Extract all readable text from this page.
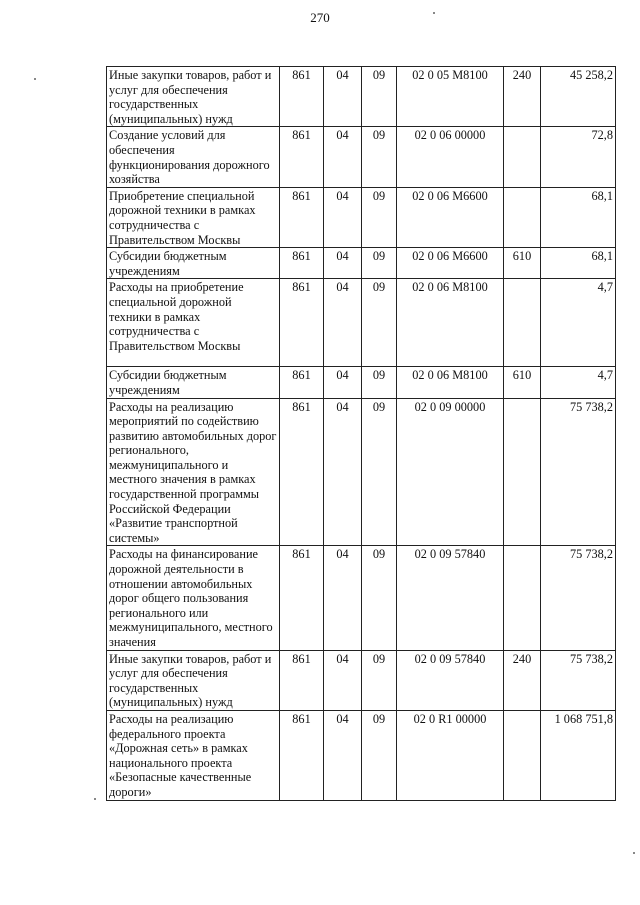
270
Иные закупки товаров, работ и услуг для обеспечения государственных (муниципальных) нужд	861	04	09	02 0 05 M8100	240	45 258,2
Создание условий для обеспечения функционирования дорожного хозяйства	861	04	09	02 0 06 00000		72,8
Приобретение специальной дорожной техники в рамках сотрудничества с Правительством Москвы	861	04	09	02 0 06 M6600		68,1
Субсидии бюджетным учреждениям	861	04	09	02 0 06 M6600	610	68,1
Расходы на приобретение специальной дорожной техники в рамках сотрудничества с Правительством Москвы	861	04	09	02 0 06 M8100		4,7
Субсидии бюджетным учреждениям	861	04	09	02 0 06 M8100	610	4,7
Расходы на реализацию мероприятий по содействию развитию автомобильных дорог регионального, межмуниципального и местного значения в рамках государственной программы Российской Федерации «Развитие транспортной системы»	861	04	09	02 0 09 00000		75 738,2
Расходы на финансирование дорожной деятельности в отношении автомобильных дорог общего пользования регионального или межмуниципального, местного значения	861	04	09	02 0 09 57840		75 738,2
Иные закупки товаров, работ и услуг для обеспечения государственных (муниципальных) нужд	861	04	09	02 0 09 57840	240	75 738,2
Расходы на реализацию федерального проекта «Дорожная сеть» в рамках национального проекта «Безопасные качественные дороги»	861	04	09	02 0 R1 00000		1 068 751,8
